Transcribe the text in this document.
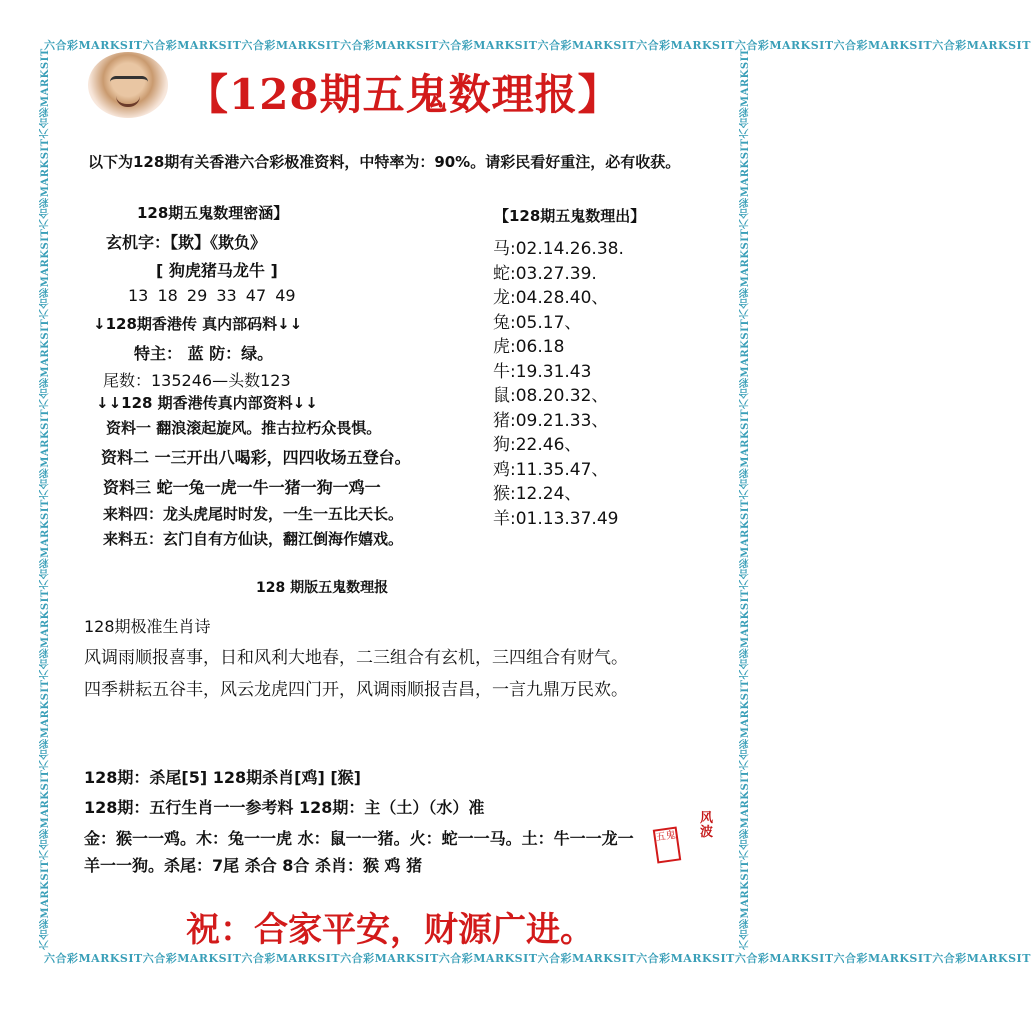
六合彩MARKSIT六合彩MARKSIT六合彩MARKSIT六合彩MARKSIT六合彩MARKSIT六合彩MARKSIT六合彩MARKSIT六合彩MARKSIT六合彩MARKSIT六合彩MARKSIT
六合彩MARKSIT六合彩MARKSIT六合彩MARKSIT六合彩MARKSIT六合彩MARKSIT六合彩MARKSIT六合彩MARKSIT六合彩MARKSIT六合彩MARKSIT六合彩MARKSIT
六合彩MARKSIT六合彩MARKSIT六合彩MARKSIT六合彩MARKSIT六合彩MARKSIT六合彩MARKSIT六合彩MARKSIT六合彩MARKSIT六合彩MARKSIT六合彩MARKSIT	六合彩MARKSIT六合彩MARKSIT六合彩MARKSIT六合彩MARKSIT六合彩MARKSIT六合彩MARKSIT六合彩MARKSIT六合彩MARKSIT六合彩MARKSIT六合彩MARKSIT
【128期五鬼数理报】
以下为128期有关香港六合彩极准资料，中特率为：90%。请彩民看好重注，必有收获。
128期五鬼数理密涵】
玄机字：【欺】《欺负》
[ 狗虎猪马龙牛 ]
13 18 29 33 47 49
↓128期香港传 真内部码料↓↓
特主： 蓝 防：绿。
尾数：135246—头数123
↓↓128 期香港传真内部资料↓↓
资料一 翻浪滚起旋风。推古拉朽众畏惧。
资料二 一三开出八喝彩，四四收场五登台。
资料三 蛇一兔一虎一牛一猪一狗一鸡一
来料四：龙头虎尾时时发，一生一五比天长。
来料五：玄门自有方仙诀，翻江倒海作嬉戏。
【128期五鬼数理出】
马:02.14.26.38.
蛇:03.27.39.
龙:04.28.40、
兔:05.17、
虎:06.18
牛:19.31.43
鼠:08.20.32、
猪:09.21.33、
狗:22.46、
鸡:11.35.47、
猴:12.24、
羊:01.13.37.49
128 期版五鬼数理报
128期极准生肖诗
风调雨顺报喜事，日和风利大地春，二三组合有玄机，三四组合有财气。
四季耕耘五谷丰，风云龙虎四门开，风调雨顺报吉昌，一言九鼎万民欢。
128期：杀尾[5] 128期杀肖[鸡] [猴]
128期：五行生肖一一参考料 128期：主（土）（水）准
金：猴一一鸡。木：兔一一虎 水：鼠一一猪。火：蛇一一马。土：牛一一龙一
羊一一狗。杀尾：7尾 杀合 8合 杀肖：猴 鸡 猪
五鬼
风波
祝：合家平安，财源广进。
